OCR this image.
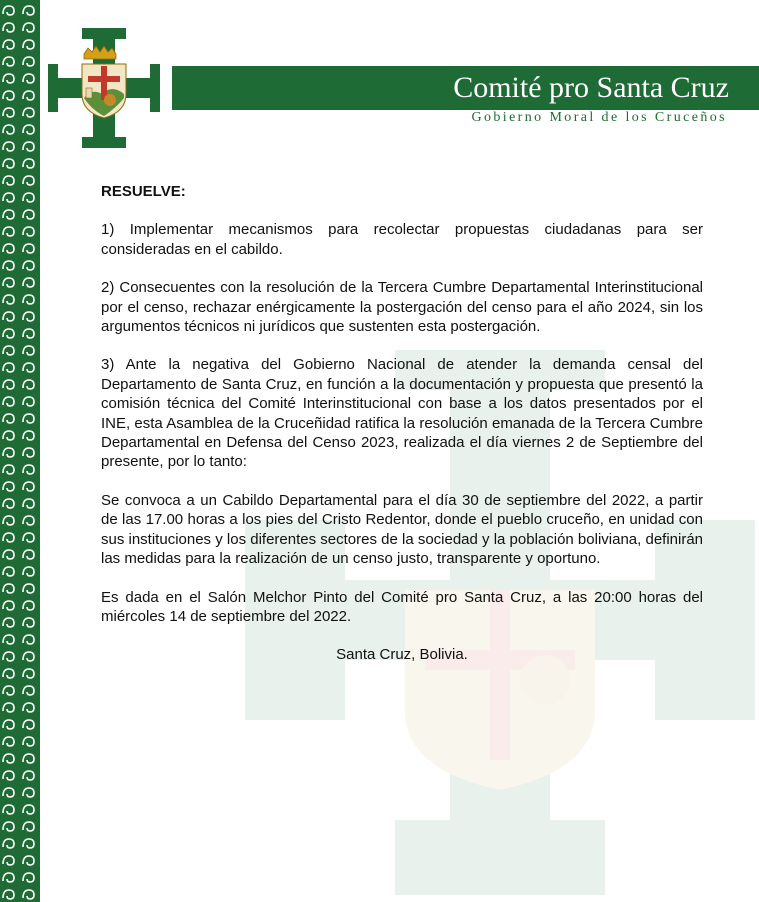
Comité pro Santa Cruz
Gobierno Moral de los Cruceños
RESUELVE:

1) Implementar mecanismos para recolectar propuestas ciudadanas para ser consideradas en el cabildo.

2) Consecuentes con la resolución de la Tercera Cumbre Departamental Interinstitucional por el censo, rechazar enérgicamente la postergación del censo para el año 2024, sin los argumentos técnicos ni jurídicos que sustenten esta postergación.

3) Ante la negativa del Gobierno Nacional de atender la demanda censal del Departamento de Santa Cruz, en función a la documentación y propuesta que presentó la comisión técnica del Comité Interinstitucional con base a los datos presentados por el INE, esta Asamblea de la Cruceñidad ratifica la resolución emanada de la Tercera Cumbre Departamental en Defensa del Censo 2023, realizada el día viernes 2 de Septiembre del presente, por lo tanto:

Se convoca a un Cabildo Departamental para el día 30 de septiembre del 2022, a partir de las 17.00 horas a los pies del Cristo Redentor, donde el pueblo cruceño, en unidad con sus instituciones y los diferentes sectores de la sociedad y la población boliviana, definirán las medidas para la realización de un censo justo, transparente y oportuno.

Es dada en el Salón Melchor Pinto del Comité pro Santa Cruz, a las 20:00 horas del miércoles 14 de septiembre del 2022.

Santa Cruz, Bolivia.
